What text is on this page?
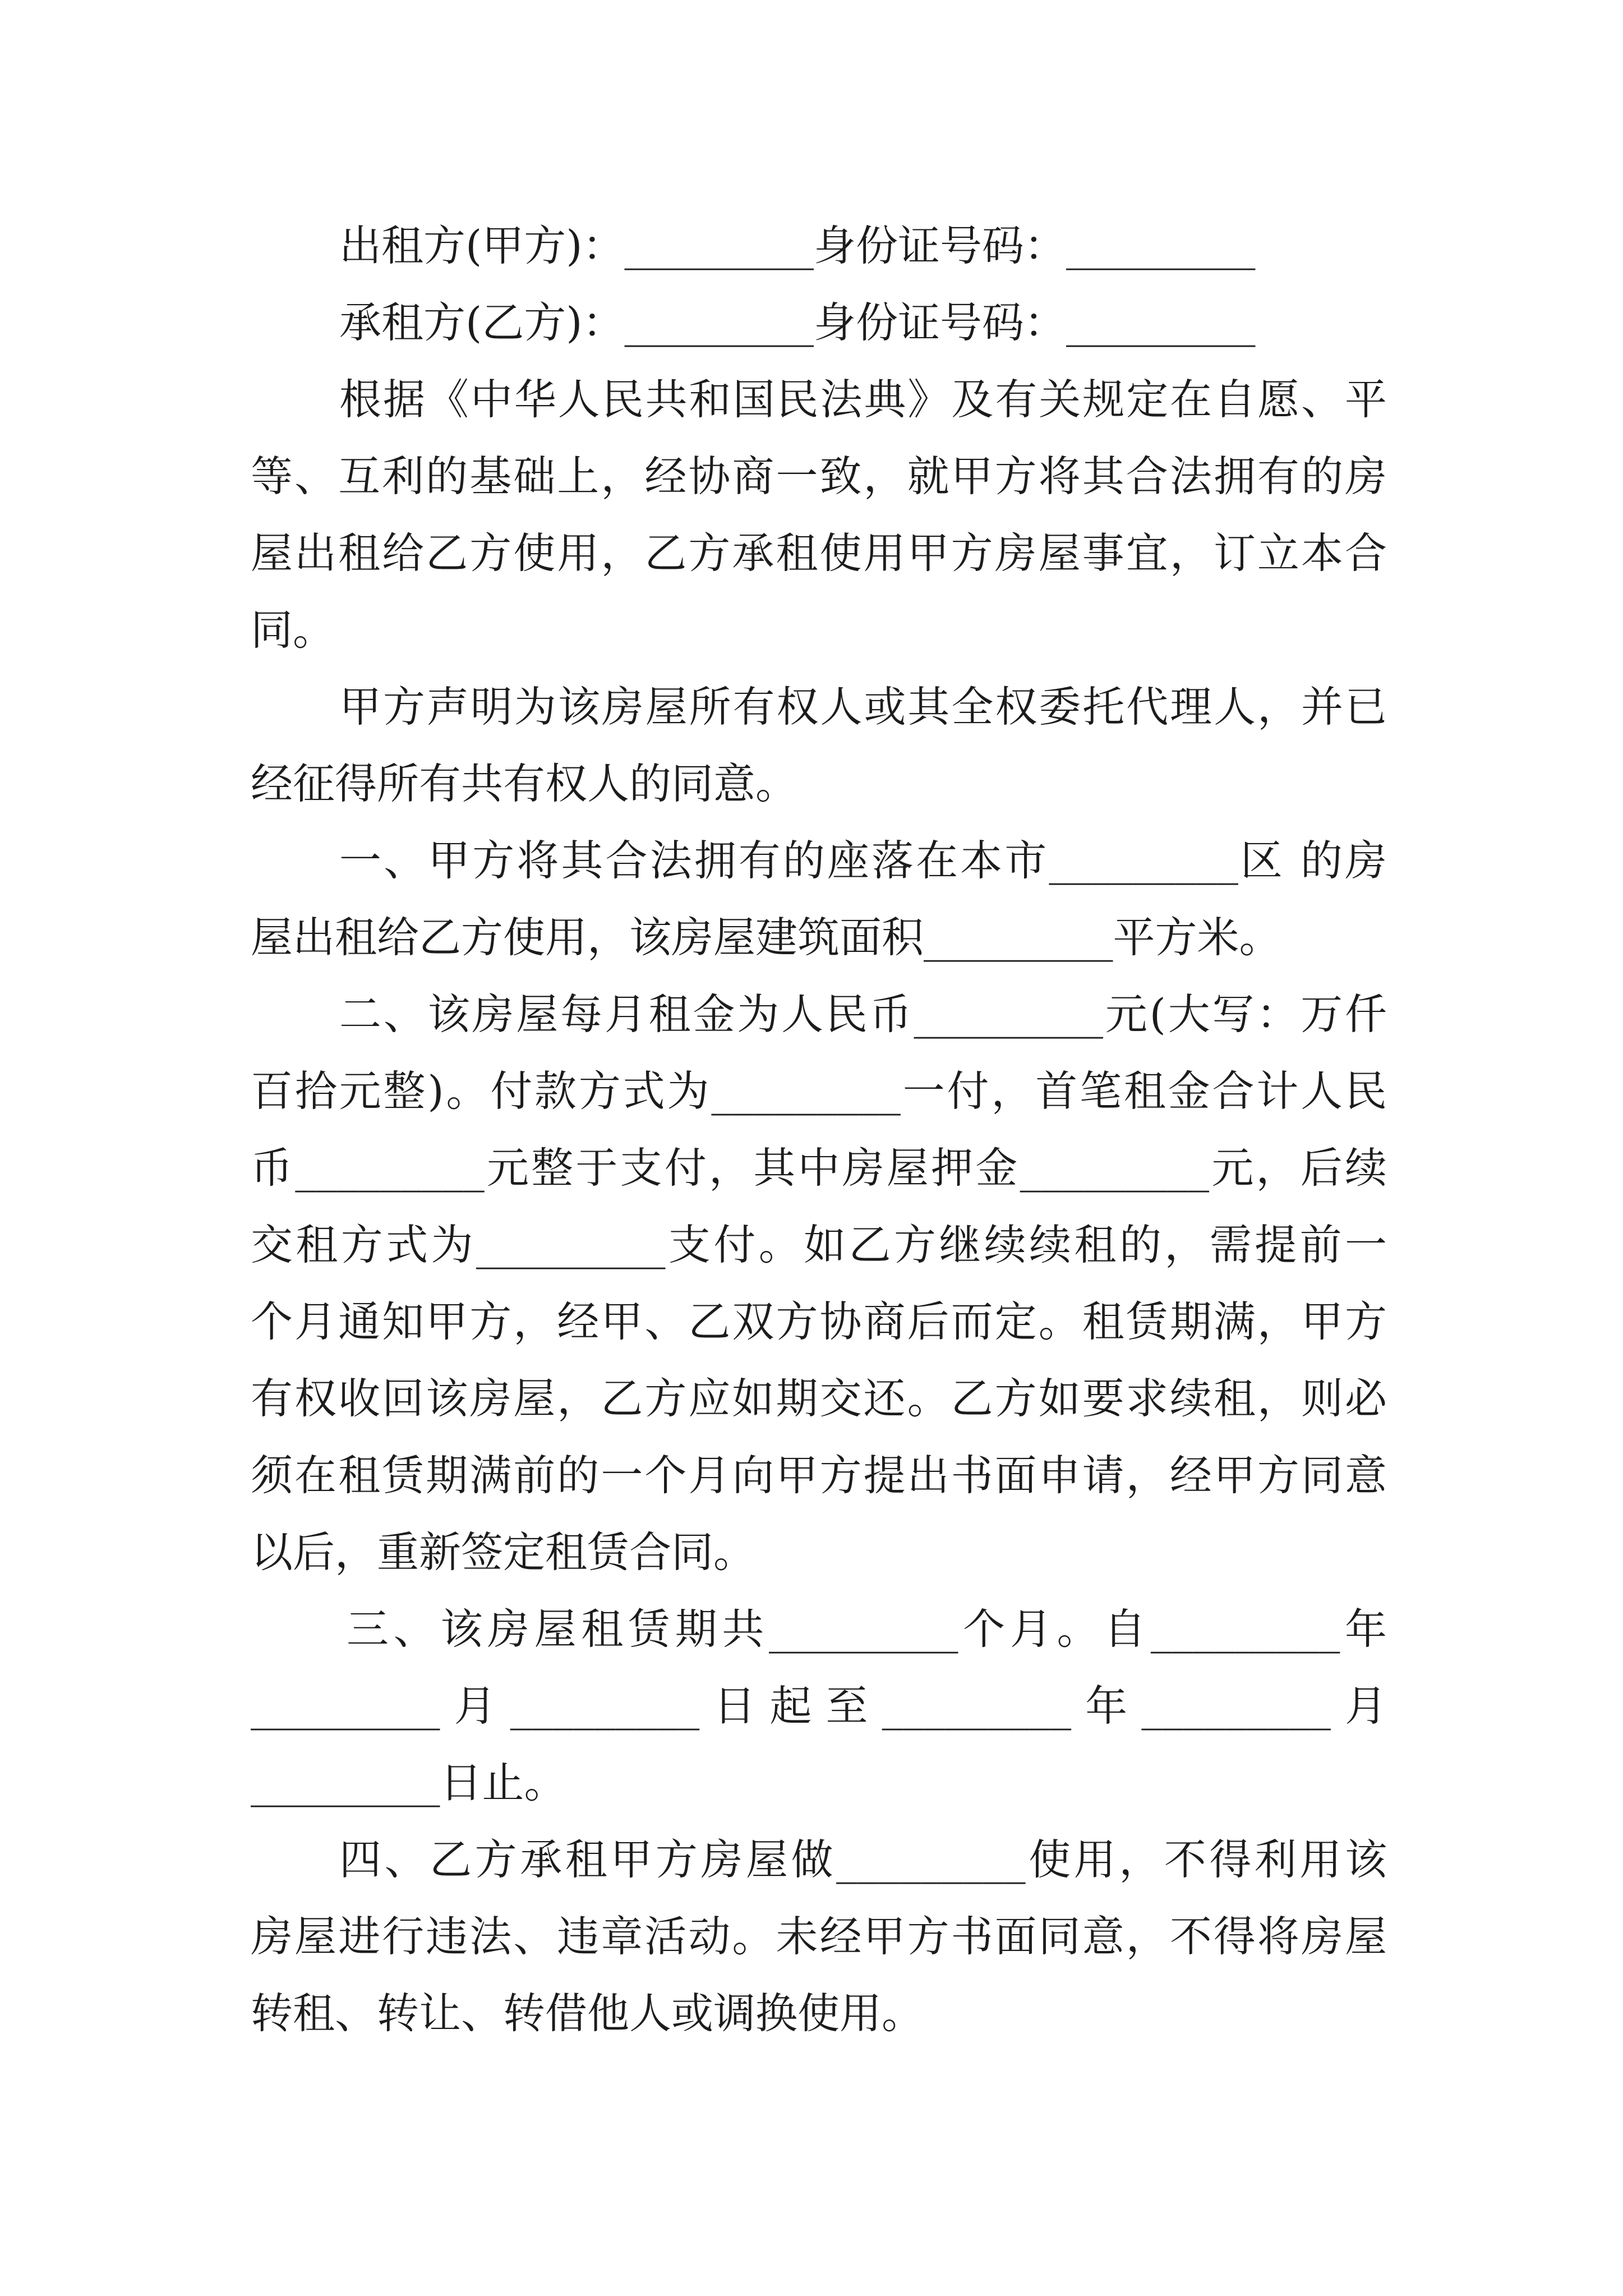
出租方(甲方)：_________身份证号码：_________
承租方(乙方)：_________身份证号码：_________
根据《中华人民共和国民法典》及有关规定在自愿、平
等、互利的基础上，经协商一致，就甲方将其合法拥有的房
屋出租给乙方使用，乙方承租使用甲方房屋事宜，订立本合
同。
甲方声明为该房屋所有权人或其全权委托代理人，并已
经征得所有共有权人的同意。
一、甲方将其合法拥有的座落在本市_________区 的房
屋出租给乙方使用，该房屋建筑面积_________平方米。
二、该房屋每月租金为人民币_________元(大写：万仟
百拾元整)。付款方式为_________一付，首笔租金合计人民
币_________元整于支付，其中房屋押金_________元，后续
交租方式为_________支付。如乙方继续续租的，需提前一
个月通知甲方，经甲、乙双方协商后而定。租赁期满，甲方
有权收回该房屋，乙方应如期交还。乙方如要求续租，则必
须在租赁期满前的一个月向甲方提出书面申请，经甲方同意
以后，重新签定租赁合同。
三、该房屋租赁期共_________个月。自_________年
_________月_________日起至_________年_________月
_________日止。
四、乙方承租甲方房屋做_________使用，不得利用该
房屋进行违法、违章活动。未经甲方书面同意，不得将房屋
转租、转让、转借他人或调换使用。
